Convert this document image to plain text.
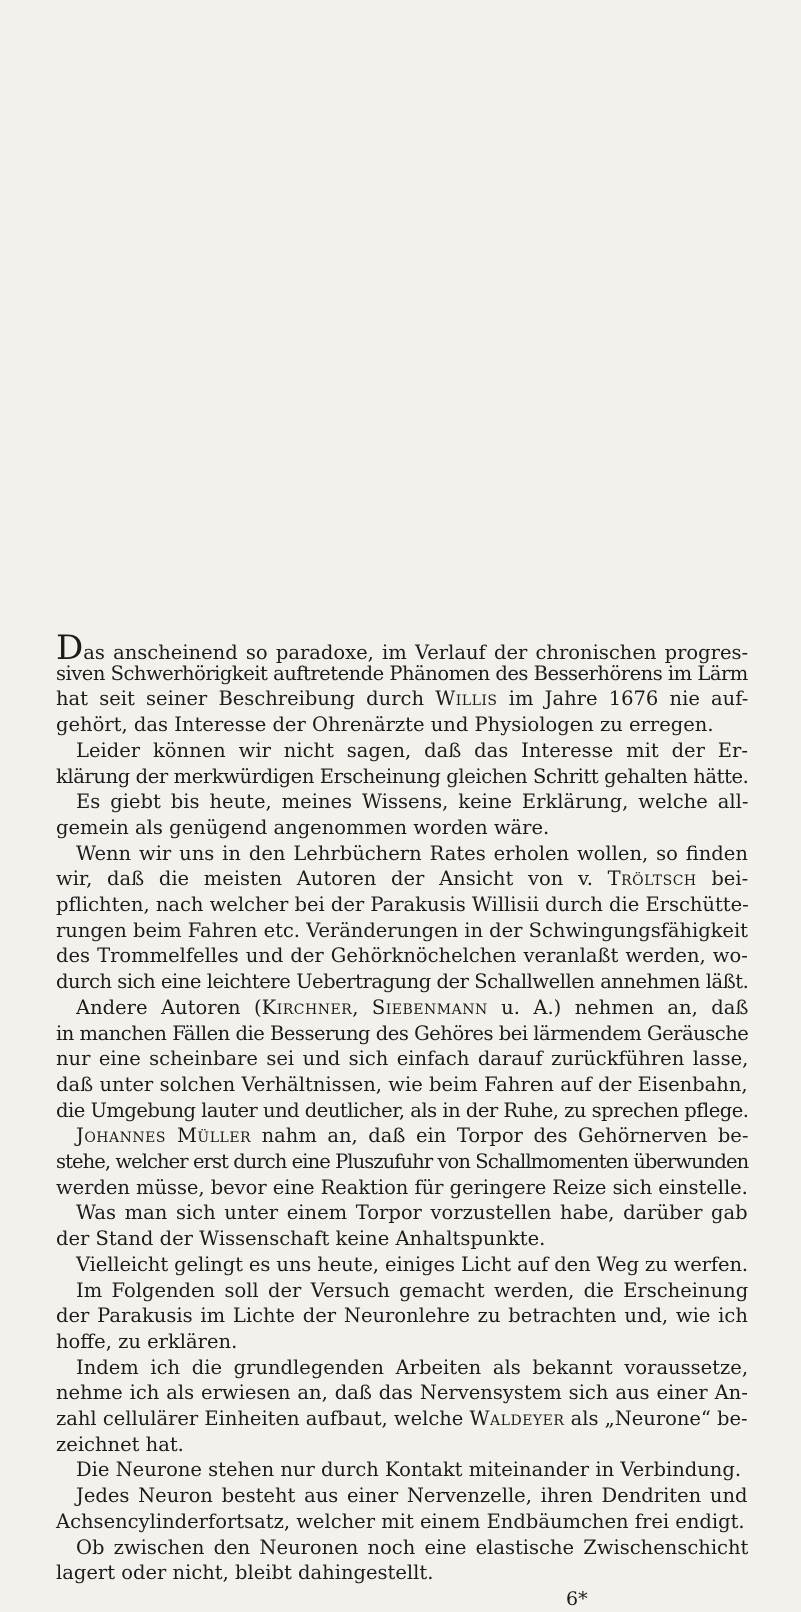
Das anscheinend so paradoxe, im Verlauf der chronischen progres-
siven Schwerhörigkeit auftretende Phänomen des Besserhörens im Lärm
hat seit seiner Beschreibung durch Willis im Jahre 1676 nie auf-
gehört, das Interesse der Ohrenärzte und Physiologen zu erregen.
Leider können wir nicht sagen, daß das Interesse mit der Er-
klärung der merkwürdigen Erscheinung gleichen Schritt gehalten hätte.
Es giebt bis heute, meines Wissens, keine Erklärung, welche all-
gemein als genügend angenommen worden wäre.
Wenn wir uns in den Lehrbüchern Rates erholen wollen, so finden
wir, daß die meisten Autoren der Ansicht von v. Tröltsch bei-
pflichten, nach welcher bei der Parakusis Willisii durch die Erschütte-
rungen beim Fahren etc. Veränderungen in der Schwingungsfähigkeit
des Trommelfelles und der Gehörknöchelchen veranlaßt werden, wo-
durch sich eine leichtere Uebertragung der Schallwellen annehmen läßt.
Andere Autoren (Kirchner, Siebenmann u. A.) nehmen an, daß
in manchen Fällen die Besserung des Gehöres bei lärmendem Geräusche
nur eine scheinbare sei und sich einfach darauf zurückführen lasse,
daß unter solchen Verhältnissen, wie beim Fahren auf der Eisenbahn,
die Umgebung lauter und deutlicher, als in der Ruhe, zu sprechen pflege.
Johannes Müller nahm an, daß ein Torpor des Gehörnerven be-
stehe, welcher erst durch eine Pluszufuhr von Schallmomenten überwunden
werden müsse, bevor eine Reaktion für geringere Reize sich einstelle.
Was man sich unter einem Torpor vorzustellen habe, darüber gab
der Stand der Wissenschaft keine Anhaltspunkte.
Vielleicht gelingt es uns heute, einiges Licht auf den Weg zu werfen.
Im Folgenden soll der Versuch gemacht werden, die Erscheinung
der Parakusis im Lichte der Neuronlehre zu betrachten und, wie ich
hoffe, zu erklären.
Indem ich die grundlegenden Arbeiten als bekannt voraussetze,
nehme ich als erwiesen an, daß das Nervensystem sich aus einer An-
zahl cellulärer Einheiten aufbaut, welche Waldeyer als „Neurone“ be-
zeichnet hat.
Die Neurone stehen nur durch Kontakt miteinander in Verbindung.
Jedes Neuron besteht aus einer Nervenzelle, ihren Dendriten und
Achsencylinderfortsatz, welcher mit einem Endbäumchen frei endigt.
Ob zwischen den Neuronen noch eine elastische Zwischenschicht
lagert oder nicht, bleibt dahingestellt.
6*
